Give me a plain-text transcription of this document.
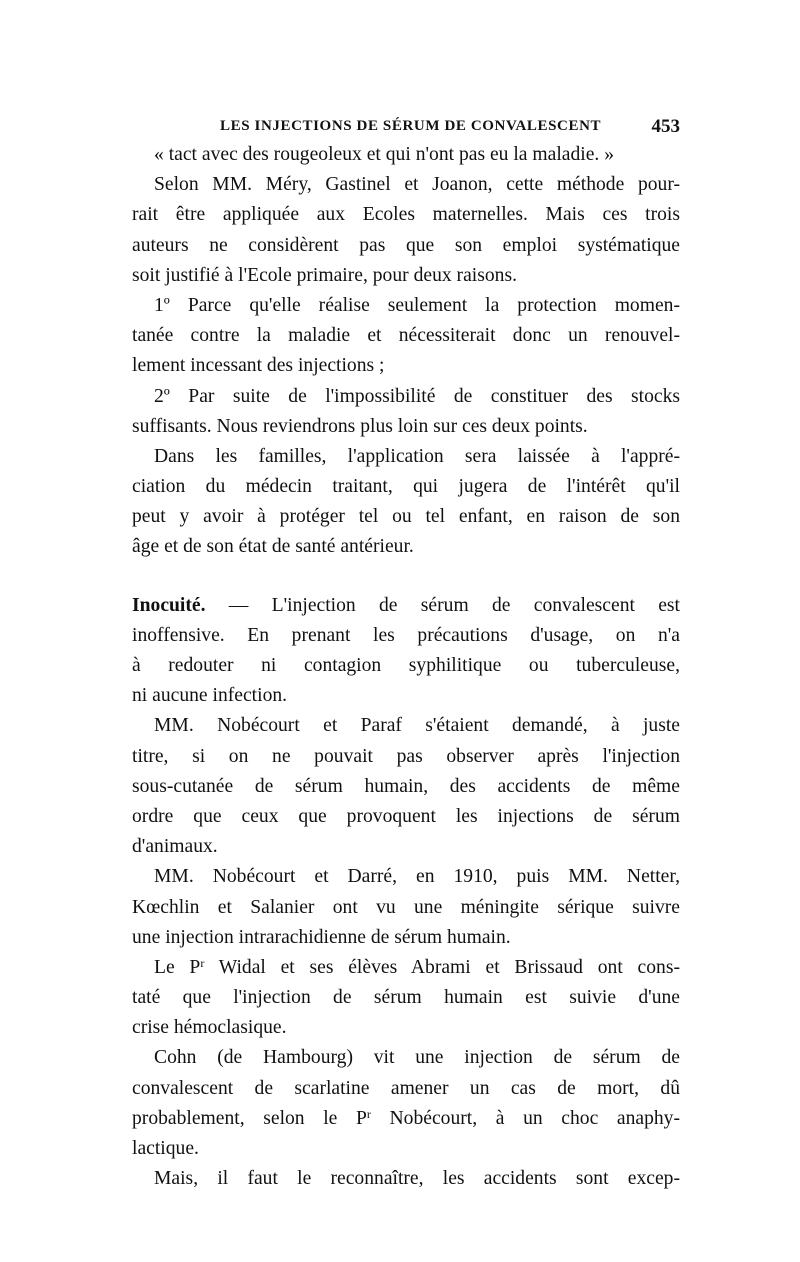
LES INJECTIONS DE SÉRUM DE CONVALESCENT	453
« tact avec des rougeoleux et qui n'ont pas eu la maladie. »
Selon MM. Méry, Gastinel et Joanon, cette méthode pour-
rait être appliquée aux Ecoles maternelles. Mais ces trois
auteurs ne considèrent pas que son emploi systématique
soit justifié à l'Ecole primaire, pour deux raisons.
1º Parce qu'elle réalise seulement la protection momen-
tanée contre la maladie et nécessiterait donc un renouvel-
lement incessant des injections ;
2º Par suite de l'impossibilité de constituer des stocks
suffisants. Nous reviendrons plus loin sur ces deux points.
Dans les familles, l'application sera laissée à l'appré-
ciation du médecin traitant, qui jugera de l'intérêt qu'il
peut y avoir à protéger tel ou tel enfant, en raison de son
âge et de son état de santé antérieur.
Inocuité. — L'injection de sérum de convalescent est
inoffensive. En prenant les précautions d'usage, on n'a
à redouter ni contagion syphilitique ou tuberculeuse,
ni aucune infection.
MM. Nobécourt et Paraf s'étaient demandé, à juste
titre, si on ne pouvait pas observer après l'injection
sous-cutanée de sérum humain, des accidents de même
ordre que ceux que provoquent les injections de sérum
d'animaux.
MM. Nobécourt et Darré, en 1910, puis MM. Netter,
Kœchlin et Salanier ont vu une méningite sérique suivre
une injection intrarachidienne de sérum humain.
Le $P^r$ Widal et ses élèves Abrami et Brissaud ont cons-
taté que l'injection de sérum humain est suivie d'une
crise hémoclasique.
Cohn (de Hambourg) vit une injection de sérum de
convalescent de scarlatine amener un cas de mort, dû
probablement, selon le $P^r$ Nobécourt, à un choc anaphy-
lactique.
Mais, il faut le reconnaître, les accidents sont excep-
